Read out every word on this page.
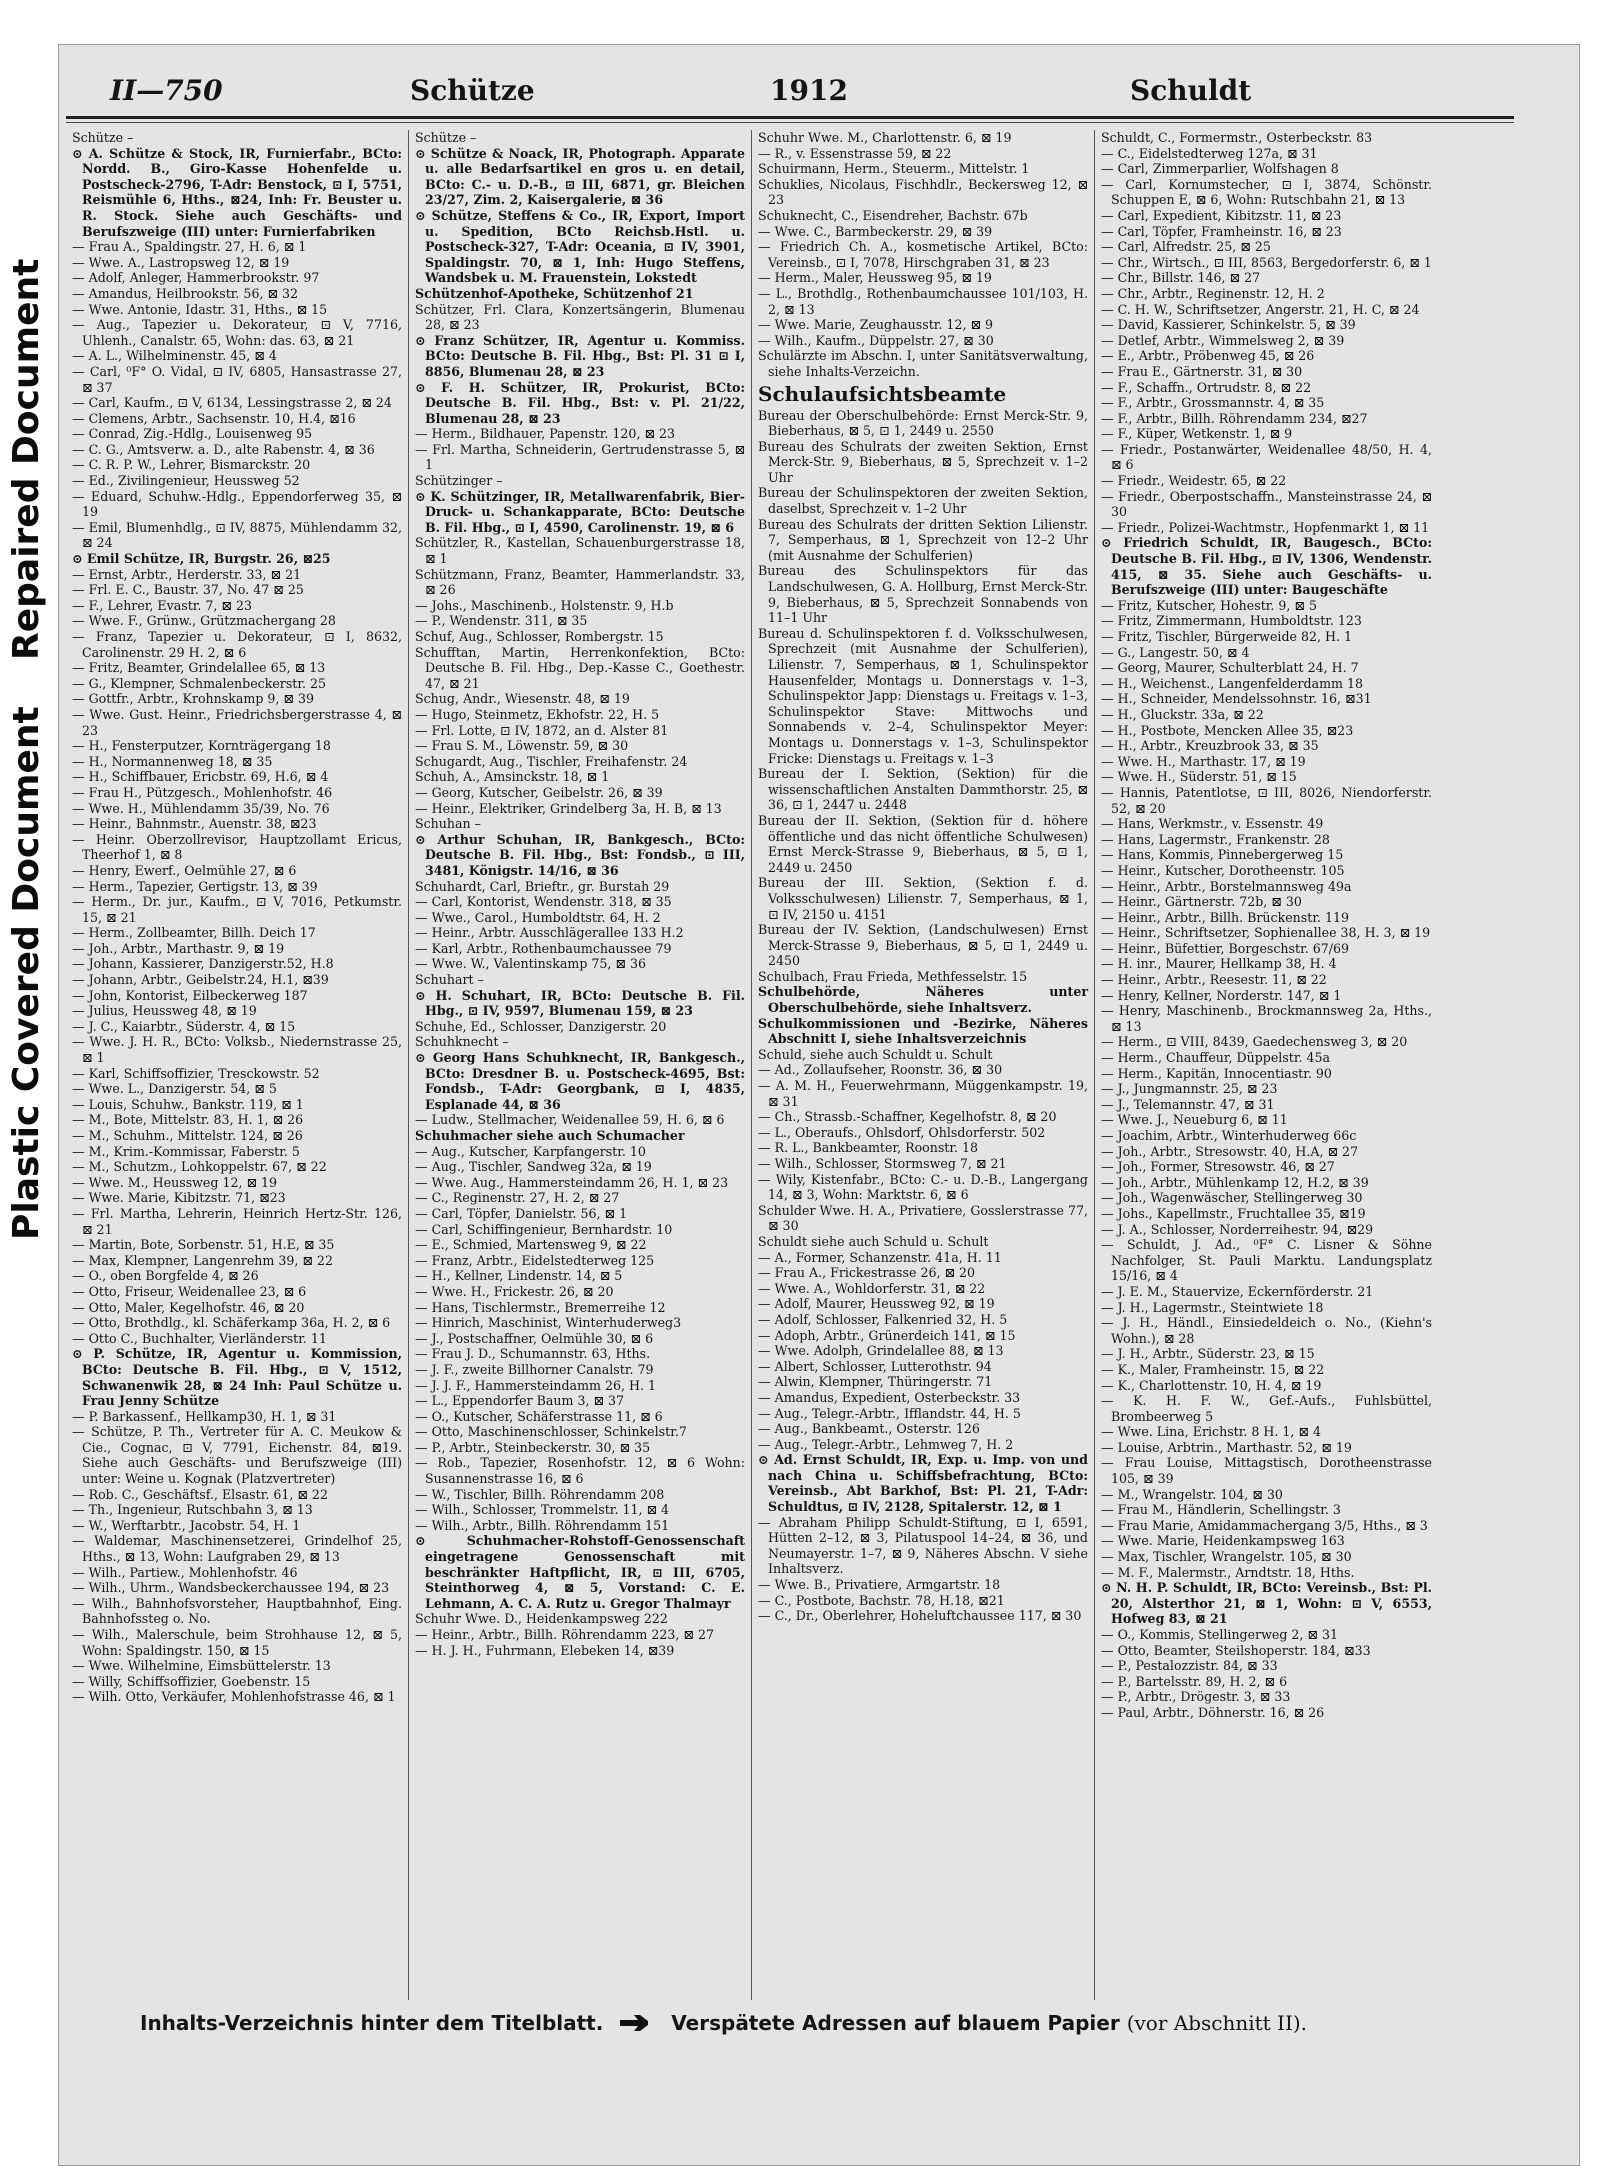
Repaired Document
Plastic Covered Document
II—750	Schütze	1912	Schuldt

Schütze –

⊙ A. Schütze & Stock, IR, Furnierfabr., BCto: Nordd. B., Giro-Kasse Hohenfelde u. Postscheck-2796, T-Adr: Benstock, ⊡ I, 5751, Reismühle 6, Hths., ⊠24, Inh: Fr. Beuster u. R. Stock. Siehe auch Geschäfts- und Berufszweige (III) unter: Furnierfabriken

— Frau A., Spaldingstr. 27, H. 6, ⊠ 1

— Wwe. A., Lastropsweg 12, ⊠ 19

— Adolf, Anleger, Hammerbrookstr. 97

— Amandus, Heilbrookstr. 56, ⊠ 32

— Wwe. Antonie, Idastr. 31, Hths., ⊠ 15

— Aug., Tapezier u. Dekorateur, ⊡ V, 7716, Uhlenh., Canalstr. 65, Wohn: das. 63, ⊠ 21

— A. L., Wilhelminenstr. 45, ⊠ 4

— Carl, ⁰F° O. Vidal, ⊡ IV, 6805, Hansastrasse 27, ⊠ 37

— Carl, Kaufm., ⊡ V, 6134, Lessingstrasse 2, ⊠ 24

— Clemens, Arbtr., Sachsenstr. 10, H.4, ⊠16

— Conrad, Zig.-Hdlg., Louisenweg 95

— C. G., Amtsverw. a. D., alte Rabenstr. 4, ⊠ 36

— C. R. P. W., Lehrer, Bismarckstr. 20

— Ed., Zivilingenieur, Heussweg 52

— Eduard, Schuhw.-Hdlg., Eppendorferweg 35, ⊠ 19

— Emil, Blumenhdlg., ⊡ IV, 8875, Mühlendamm 32, ⊠ 24

⊙ Emil Schütze, IR, Burgstr. 26, ⊠25

— Ernst, Arbtr., Herderstr. 33, ⊠ 21

— Frl. E. C., Baustr. 37, No. 47 ⊠ 25

— F., Lehrer, Evastr. 7, ⊠ 23

— Wwe. F., Grünw., Grützmachergang 28

— Franz, Tapezier u. Dekorateur, ⊡ I, 8632, Carolinenstr. 29 H. 2, ⊠ 6

— Fritz, Beamter, Grindelallee 65, ⊠ 13

— G., Klempner, Schmalenbeckerstr. 25

— Gottfr., Arbtr., Krohnskamp 9, ⊠ 39

— Wwe. Gust. Heinr., Friedrichsbergerstrasse 4, ⊠ 23

— H., Fensterputzer, Kornträgergang 18

— H., Normannenweg 18, ⊠ 35

— H., Schiffbauer, Ericbstr. 69, H.6, ⊠ 4

— Frau H., Pützgesch., Mohlenhofstr. 46

— Wwe. H., Mühlendamm 35/39, No. 76

— Heinr., Bahnmstr., Auenstr. 38, ⊠23

— Heinr. Oberzollrevisor, Hauptzollamt Ericus, Theerhof 1, ⊠ 8

— Henry, Ewerf., Oelmühle 27, ⊠ 6

— Herm., Tapezier, Gertigstr. 13, ⊠ 39

— Herm., Dr. jur., Kaufm., ⊡ V, 7016, Petkumstr. 15, ⊠ 21

— Herm., Zollbeamter, Billh. Deich 17

— Joh., Arbtr., Marthastr. 9, ⊠ 19

— Johann, Kassierer, Danzigerstr.52, H.8

— Johann, Arbtr., Geibelstr.24, H.1, ⊠39

— John, Kontorist, Eilbeckerweg 187

— Julius, Heussweg 48, ⊠ 19

— J. C., Kaiarbtr., Süderstr. 4, ⊠ 15

— Wwe. J. H. R., BCto: Volksb., Niedernstrasse 25, ⊠ 1

— Karl, Schiffsoffizier, Tresckowstr. 52

— Wwe. L., Danzigerstr. 54, ⊠ 5

— Louis, Schuhw., Bankstr. 119, ⊠ 1

— M., Bote, Mittelstr. 83, H. 1, ⊠ 26

— M., Schuhm., Mittelstr. 124, ⊠ 26

— M., Krim.-Kommissar, Faberstr. 5

— M., Schutzm., Lohkoppelstr. 67, ⊠ 22

— Wwe. M., Heussweg 12, ⊠ 19

— Wwe. Marie, Kibitzstr. 71, ⊠23

— Frl. Martha, Lehrerin, Heinrich Hertz-Str. 126, ⊠ 21

— Martin, Bote, Sorbenstr. 51, H.E, ⊠ 35

— Max, Klempner, Langenrehm 39, ⊠ 22

— O., oben Borgfelde 4, ⊠ 26

— Otto, Friseur, Weidenallee 23, ⊠ 6

— Otto, Maler, Kegelhofstr. 46, ⊠ 20

— Otto, Brothdlg., kl. Schäferkamp 36a, H. 2, ⊠ 6

— Otto C., Buchhalter, Vierländerstr. 11

⊙ P. Schütze, IR, Agentur u. Kommission, BCto: Deutsche B. Fil. Hbg., ⊡ V, 1512, Schwanenwik 28, ⊠ 24 Inh: Paul Schütze u. Frau Jenny Schütze

— P. Barkassenf., Hellkamp30, H. 1, ⊠ 31

— Schütze, P. Th., Vertreter für A. C. Meukow & Cie., Cognac, ⊡ V, 7791, Eichenstr. 84, ⊠19. Siehe auch Geschäfts- und Berufszweige (III) unter: Weine u. Kognak (Platzvertreter)

— Rob. C., Geschäftsf., Elsastr. 61, ⊠ 22

— Th., Ingenieur, Rutschbahn 3, ⊠ 13

— W., Werftarbtr., Jacobstr. 54, H. 1

— Waldemar, Maschinensetzerei, Grindelhof 25, Hths., ⊠ 13, Wohn: Laufgraben 29, ⊠ 13

— Wilh., Partiew., Mohlenhofstr. 46

— Wilh., Uhrm., Wandsbeckerchaussee 194, ⊠ 23

— Wilh., Bahnhofsvorsteher, Hauptbahnhof, Eing. Bahnhofssteg o. No.

— Wilh., Malerschule, beim Strohhause 12, ⊠ 5, Wohn: Spaldingstr. 150, ⊠ 15

— Wwe. Wilhelmine, Eimsbüttelerstr. 13

— Willy, Schiffsoffizier, Goebenstr. 15

— Wilh. Otto, Verkäufer, Mohlenhofstrasse 46, ⊠ 1

Schütze –

⊙ Schütze & Noack, IR, Photograph. Apparate u. alle Bedarfsartikel en gros u. en detail, BCto: C.- u. D.-B., ⊡ III, 6871, gr. Bleichen 23/27, Zim. 2, Kaisergalerie, ⊠ 36

⊙ Schütze, Steffens & Co., IR, Export, Import u. Spedition, BCto Reichsb.Hstl. u. Postscheck-327, T-Adr: Oceania, ⊡ IV, 3901, Spaldingstr. 70, ⊠ 1, Inh: Hugo Steffens, Wandsbek u. M. Frauenstein, Lokstedt

Schützenhof-Apotheke, Schützenhof 21

Schützer, Frl. Clara, Konzertsängerin, Blumenau 28, ⊠ 23

⊙ Franz Schützer, IR, Agentur u. Kommiss. BCto: Deutsche B. Fil. Hbg., Bst: Pl. 31 ⊡ I, 8856, Blumenau 28, ⊠ 23

⊙ F. H. Schützer, IR, Prokurist, BCto: Deutsche B. Fil. Hbg., Bst: v. Pl. 21/22, Blumenau 28, ⊠ 23

— Herm., Bildhauer, Papenstr. 120, ⊠ 23

— Frl. Martha, Schneiderin, Gertrudenstrasse 5, ⊠ 1

Schützinger –

⊙ K. Schützinger, IR, Metallwarenfabrik, Bier-Druck- u. Schankapparate, BCto: Deutsche B. Fil. Hbg., ⊡ I, 4590, Carolinenstr. 19, ⊠ 6

Schützler, R., Kastellan, Schauenburgerstrasse 18, ⊠ 1

Schützmann, Franz, Beamter, Hammerlandstr. 33, ⊠ 26

— Johs., Maschinenb., Holstenstr. 9, H.b

— P., Wendenstr. 311, ⊠ 35

Schuf, Aug., Schlosser, Rombergstr. 15

Schufftan, Martin, Herrenkonfektion, BCto: Deutsche B. Fil. Hbg., Dep.-Kasse C., Goethestr. 47, ⊠ 21

Schug, Andr., Wiesenstr. 48, ⊠ 19

— Hugo, Steinmetz, Ekhofstr. 22, H. 5

— Frl. Lotte, ⊡ IV, 1872, an d. Alster 81

— Frau S. M., Löwenstr. 59, ⊠ 30

Schugardt, Aug., Tischler, Freihafenstr. 24

Schuh, A., Amsinckstr. 18, ⊠ 1

— Georg, Kutscher, Geibelstr. 26, ⊠ 39

— Heinr., Elektriker, Grindelberg 3a, H. B, ⊠ 13

Schuhan –

⊙ Arthur Schuhan, IR, Bankgesch., BCto: Deutsche B. Fil. Hbg., Bst: Fondsb., ⊡ III, 3481, Königstr. 14/16, ⊠ 36

Schuhardt, Carl, Brieftr., gr. Burstah 29

— Carl, Kontorist, Wendenstr. 318, ⊠ 35

— Wwe., Carol., Humboldtstr. 64, H. 2

— Heinr., Arbtr. Ausschlägerallee 133 H.2

— Karl, Arbtr., Rothenbaumchaussee 79

— Wwe. W., Valentinskamp 75, ⊠ 36

Schuhart –

⊙ H. Schuhart, IR, BCto: Deutsche B. Fil. Hbg., ⊡ IV, 9597, Blumenau 159, ⊠ 23

Schuhe, Ed., Schlosser, Danzigerstr. 20

Schuhknecht –

⊙ Georg Hans Schuhknecht, IR, Bankgesch., BCto: Dresdner B. u. Postscheck-4695, Bst: Fondsb., T-Adr: Georgbank, ⊡ I, 4835, Esplanade 44, ⊠ 36

— Ludw., Stellmacher, Weidenallee 59, H. 6, ⊠ 6

Schuhmacher siehe auch Schumacher

— Aug., Kutscher, Karpfangerstr. 10

— Aug., Tischler, Sandweg 32a, ⊠ 19

— Wwe. Aug., Hammersteindamm 26, H. 1, ⊠ 23

— C., Reginenstr. 27, H. 2, ⊠ 27

— Carl, Töpfer, Danielstr. 56, ⊠ 1

— Carl, Schiffingenieur, Bernhardstr. 10

— E., Schmied, Martensweg 9, ⊠ 22

— Franz, Arbtr., Eidelstedterweg 125

— H., Kellner, Lindenstr. 14, ⊠ 5

— Wwe. H., Frickestr. 26, ⊠ 20

— Hans, Tischlermstr., Bremerreihe 12

— Hinrich, Maschinist, Winterhuderweg3

— J., Postschaffner, Oelmühle 30, ⊠ 6

— Frau J. D., Schumannstr. 63, Hths.

— J. F., zweite Billhorner Canalstr. 79

— J. J. F., Hammersteindamm 26, H. 1

— L., Eppendorfer Baum 3, ⊠ 37

— O., Kutscher, Schäferstrasse 11, ⊠ 6

— Otto, Maschinenschlosser, Schinkelstr.7

— P., Arbtr., Steinbeckerstr. 30, ⊠ 35

— Rob., Tapezier, Rosenhofstr. 12, ⊠ 6 Wohn: Susannenstrasse 16, ⊠ 6

— W., Tischler, Billh. Röhrendamm 208

— Wilh., Schlosser, Trommelstr. 11, ⊠ 4

— Wilh., Arbtr., Billh. Röhrendamm 151

⊙ Schuhmacher-Rohstoff-Genossenschaft eingetragene Genossenschaft mit beschränkter Haftpflicht, IR, ⊡ III, 6705, Steinthorweg 4, ⊠ 5, Vorstand: C. E. Lehmann, A. C. A. Rutz u. Gregor Thalmayr

Schuhr Wwe. D., Heidenkampsweg 222

— Heinr., Arbtr., Billh. Röhrendamm 223, ⊠ 27

— H. J. H., Fuhrmann, Elebeken 14, ⊠39

Schuhr Wwe. M., Charlottenstr. 6, ⊠ 19

— R., v. Essenstrasse 59, ⊠ 22

Schuirmann, Herm., Steuerm., Mittelstr. 1

Schuklies, Nicolaus, Fischhdlr., Beckersweg 12, ⊠ 23

Schuknecht, C., Eisendreher, Bachstr. 67b

— Wwe. C., Barmbeckerstr. 29, ⊠ 39

— Friedrich Ch. A., kosmetische Artikel, BCto: Vereinsb., ⊡ I, 7078, Hirschgraben 31, ⊠ 23

— Herm., Maler, Heussweg 95, ⊠ 19

— L., Brothdlg., Rothenbaumchaussee 101/103, H. 2, ⊠ 13

— Wwe. Marie, Zeughausstr. 12, ⊠ 9

— Wilh., Kaufm., Düppelstr. 27, ⊠ 30

Schulärzte im Abschn. I, unter Sanitätsverwaltung, siehe Inhalts-Verzeichn.

Schulaufsichtsbeamte

Bureau der Oberschulbehörde: Ernst Merck-Str. 9, Bieberhaus, ⊠ 5, ⊡ 1, 2449 u. 2550

Bureau des Schulrats der zweiten Sektion, Ernst Merck-Str. 9, Bieberhaus, ⊠ 5, Sprechzeit v. 1–2 Uhr

Bureau der Schulinspektoren der zweiten Sektion, daselbst, Sprechzeit v. 1–2 Uhr

Bureau des Schulrats der dritten Sektion Lilienstr. 7, Semperhaus, ⊠ 1, Sprechzeit von 12–2 Uhr (mit Ausnahme der Schulferien)

Bureau des Schulinspektors für das Landschulwesen, G. A. Hollburg, Ernst Merck-Str. 9, Bieberhaus, ⊠ 5, Sprechzeit Sonnabends von 11–1 Uhr

Bureau d. Schulinspektoren f. d. Volksschulwesen, Sprechzeit (mit Ausnahme der Schulferien), Lilienstr. 7, Semperhaus, ⊠ 1, Schulinspektor Hausenfelder, Montags u. Donnerstags v. 1–3, Schulinspektor Japp: Dienstags u. Freitags v. 1–3, Schulinspektor Stave: Mittwochs und Sonnabends v. 2–4, Schulinspektor Meyer: Montags u. Donnerstags v. 1–3, Schulinspektor Fricke: Dienstags u. Freitags v. 1–3

Bureau der I. Sektion, (Sektion) für die wissenschaftlichen Anstalten Dammthorstr. 25, ⊠ 36, ⊡ 1, 2447 u. 2448

Bureau der II. Sektion, (Sektion für d. höhere öffentliche und das nicht öffentliche Schulwesen) Ernst Merck-Strasse 9, Bieberhaus, ⊠ 5, ⊡ 1, 2449 u. 2450

Bureau der III. Sektion, (Sektion f. d. Volksschulwesen) Lilienstr. 7, Semperhaus, ⊠ 1, ⊡ IV, 2150 u. 4151

Bureau der IV. Sektion, (Landschulwesen) Ernst Merck-Strasse 9, Bieberhaus, ⊠ 5, ⊡ 1, 2449 u. 2450

Schulbach, Frau Frieda, Methfesselstr. 15

Schulbehörde, Näheres unter Oberschulbehörde, siehe Inhaltsverz.

Schulkommissionen und -Bezirke, Näheres Abschnitt I, siehe Inhaltsverzeichnis

Schuld, siehe auch Schuldt u. Schult

— Ad., Zollaufseher, Roonstr. 36, ⊠ 30

— A. M. H., Feuerwehrmann, Müggenkampstr. 19, ⊠ 31

— Ch., Strassb.-Schaffner, Kegelhofstr. 8, ⊠ 20

— L., Oberaufs., Ohlsdorf, Ohlsdorferstr. 502

— R. L., Bankbeamter, Roonstr. 18

— Wilh., Schlosser, Stormsweg 7, ⊠ 21

— Wily, Kistenfabr., BCto: C.- u. D.-B., Langergang 14, ⊠ 3, Wohn: Marktstr. 6, ⊠ 6

Schulder Wwe. H. A., Privatiere, Gosslerstrasse 77, ⊠ 30

Schuldt siehe auch Schuld u. Schult

— A., Former, Schanzenstr. 41a, H. 11

— Frau A., Frickestrasse 26, ⊠ 20

— Wwe. A., Wohldorferstr. 31, ⊠ 22

— Adolf, Maurer, Heussweg 92, ⊠ 19

— Adolf, Schlosser, Falkenried 32, H. 5

— Adoph, Arbtr., Grünerdeich 141, ⊠ 15

— Wwe. Adolph, Grindelallee 88, ⊠ 13

— Albert, Schlosser, Lutterothstr. 94

— Alwin, Klempner, Thüringerstr. 71

— Amandus, Expedient, Osterbeckstr. 33

— Aug., Telegr.-Arbtr., Ifflandstr. 44, H. 5

— Aug., Bankbeamt., Osterstr. 126

— Aug., Telegr.-Arbtr., Lehmweg 7, H. 2

⊙ Ad. Ernst Schuldt, IR, Exp. u. Imp. von und nach China u. Schiffsbefrachtung, BCto: Vereinsb., Abt Barkhof, Bst: Pl. 21, T-Adr: Schuldtus, ⊡ IV, 2128, Spitalerstr. 12, ⊠ 1

— Abraham Philipp Schuldt-Stiftung, ⊡ I, 6591, Hütten 2–12, ⊠ 3, Pilatuspool 14–24, ⊠ 36, und Neumayerstr. 1–7, ⊠ 9, Näheres Abschn. V siehe Inhaltsverz.

— Wwe. B., Privatiere, Armgartstr. 18

— C., Postbote, Bachstr. 78, H.18, ⊠21

— C., Dr., Oberlehrer, Hoheluftchaussee 117, ⊠ 30

Schuldt, C., Formermstr., Osterbeckstr. 83

— C., Eidelstedterweg 127a, ⊠ 31

— Carl, Zimmerparlier, Wolfshagen 8

— Carl, Kornumstecher, ⊡ I, 3874, Schönstr. Schuppen E, ⊠ 6, Wohn: Rutschbahn 21, ⊠ 13

— Carl, Expedient, Kibitzstr. 11, ⊠ 23

— Carl, Töpfer, Framheinstr. 16, ⊠ 23

— Carl, Alfredstr. 25, ⊠ 25

— Chr., Wirtsch., ⊡ III, 8563, Bergedorferstr. 6, ⊠ 1

— Chr., Billstr. 146, ⊠ 27

— Chr., Arbtr., Reginenstr. 12, H. 2

— C. H. W., Schriftsetzer, Angerstr. 21, H. C, ⊠ 24

— David, Kassierer, Schinkelstr. 5, ⊠ 39

— Detlef, Arbtr., Wimmelsweg 2, ⊠ 39

— E., Arbtr., Pröbenweg 45, ⊠ 26

— Frau E., Gärtnerstr. 31, ⊠ 30

— F., Schaffn., Ortrudstr. 8, ⊠ 22

— F., Arbtr., Grossmannstr. 4, ⊠ 35

— F., Arbtr., Billh. Röhrendamm 234, ⊠27

— F., Küper, Wetkenstr. 1, ⊠ 9

— Friedr., Postanwärter, Weidenallee 48/50, H. 4, ⊠ 6

— Friedr., Weidestr. 65, ⊠ 22

— Friedr., Oberpostschaffn., Mansteinstrasse 24, ⊠ 30

— Friedr., Polizei-Wachtmstr., Hopfenmarkt 1, ⊠ 11

⊙ Friedrich Schuldt, IR, Baugesch., BCto: Deutsche B. Fil. Hbg., ⊡ IV, 1306, Wendenstr. 415, ⊠ 35. Siehe auch Geschäfts- u. Berufszweige (III) unter: Baugeschäfte

— Fritz, Kutscher, Hohestr. 9, ⊠ 5

— Fritz, Zimmermann, Humboldtstr. 123

— Fritz, Tischler, Bürgerweide 82, H. 1

— G., Langestr. 50, ⊠ 4

— Georg, Maurer, Schulterblatt 24, H. 7

— H., Weichenst., Langenfelderdamm 18

— H., Schneider, Mendelssohnstr. 16, ⊠31

— H., Gluckstr. 33a, ⊠ 22

— H., Postbote, Mencken Allee 35, ⊠23

— H., Arbtr., Kreuzbrook 33, ⊠ 35

— Wwe. H., Marthastr. 17, ⊠ 19

— Wwe. H., Süderstr. 51, ⊠ 15

— Hannis, Patentlotse, ⊡ III, 8026, Niendorferstr. 52, ⊠ 20

— Hans, Werkmstr., v. Essenstr. 49

— Hans, Lagermstr., Frankenstr. 28

— Hans, Kommis, Pinnebergerweg 15

— Heinr., Kutscher, Dorotheenstr. 105

— Heinr., Arbtr., Borstelmannsweg 49a

— Heinr., Gärtnerstr. 72b, ⊠ 30

— Heinr., Arbtr., Billh. Brückenstr. 119

— Heinr., Schriftsetzer, Sophienallee 38, H. 3, ⊠ 19

— Heinr., Büfettier, Borgeschstr. 67/69

— H. inr., Maurer, Hellkamp 38, H. 4

— Heinr., Arbtr., Reesestr. 11, ⊠ 22

— Henry, Kellner, Norderstr. 147, ⊠ 1

— Henry, Maschinenb., Brockmannsweg 2a, Hths., ⊠ 13

— Herm., ⊡ VIII, 8439, Gaedechensweg 3, ⊠ 20

— Herm., Chauffeur, Düppelstr. 45a

— Herm., Kapitän, Innocentiastr. 90

— J., Jungmannstr. 25, ⊠ 23

— J., Telemannstr. 47, ⊠ 31

— Wwe. J., Neueburg 6, ⊠ 11

— Joachim, Arbtr., Winterhuderweg 66c

— Joh., Arbtr., Stresowstr. 40, H.A, ⊠ 27

— Joh., Former, Stresowstr. 46, ⊠ 27

— Joh., Arbtr., Mühlenkamp 12, H.2, ⊠ 39

— Joh., Wagenwäscher, Stellingerweg 30

— Johs., Kapellmstr., Fruchtallee 35, ⊠19

— J. A., Schlosser, Norderreihestr. 94, ⊠29

— Schuldt, J. Ad., ⁰F° C. Lisner & Söhne Nachfolger, St. Pauli Marktu. Landungsplatz 15/16, ⊠ 4

— J. E. M., Stauervize, Eckernförderstr. 21

— J. H., Lagermstr., Steintwiete 18

— J. H., Händl., Einsiedeldeich o. No., (Kiehn's Wohn.), ⊠ 28

— J. H., Arbtr., Süderstr. 23, ⊠ 15

— K., Maler, Framheinstr. 15, ⊠ 22

— K., Charlottenstr. 10, H. 4, ⊠ 19

— K. H. F. W., Gef.-Aufs., Fuhlsbüttel, Brombeerweg 5

— Wwe. Lina, Erichstr. 8 H. 1, ⊠ 4

— Louise, Arbtrin., Marthastr. 52, ⊠ 19

— Frau Louise, Mittagstisch, Dorotheenstrasse 105, ⊠ 39

— M., Wrangelstr. 104, ⊠ 30

— Frau M., Händlerin, Schellingstr. 3

— Frau Marie, Amidammachergang 3/5, Hths., ⊠ 3

— Wwe. Marie, Heidenkampsweg 163

— Max, Tischler, Wrangelstr. 105, ⊠ 30

— M. F., Malermstr., Arndtstr. 18, Hths.

⊙ N. H. P. Schuldt, IR, BCto: Vereinsb., Bst: Pl. 20, Alsterthor 21, ⊠ 1, Wohn: ⊡ V, 6553, Hofweg 83, ⊠ 21

— O., Kommis, Stellingerweg 2, ⊠ 31

— Otto, Beamter, Steilshoperstr. 184, ⊠33

— P., Pestalozzistr. 84, ⊠ 33

— P., Bartelsstr. 89, H. 2, ⊠ 6

— P., Arbtr., Drögestr. 3, ⊠ 33

— Paul, Arbtr., Döhnerstr. 16, ⊠ 26

Inhalts-Verzeichnis hinter dem Titelblatt.	Verspätete Adressen auf blauem Papier (vor Abschnitt II).
